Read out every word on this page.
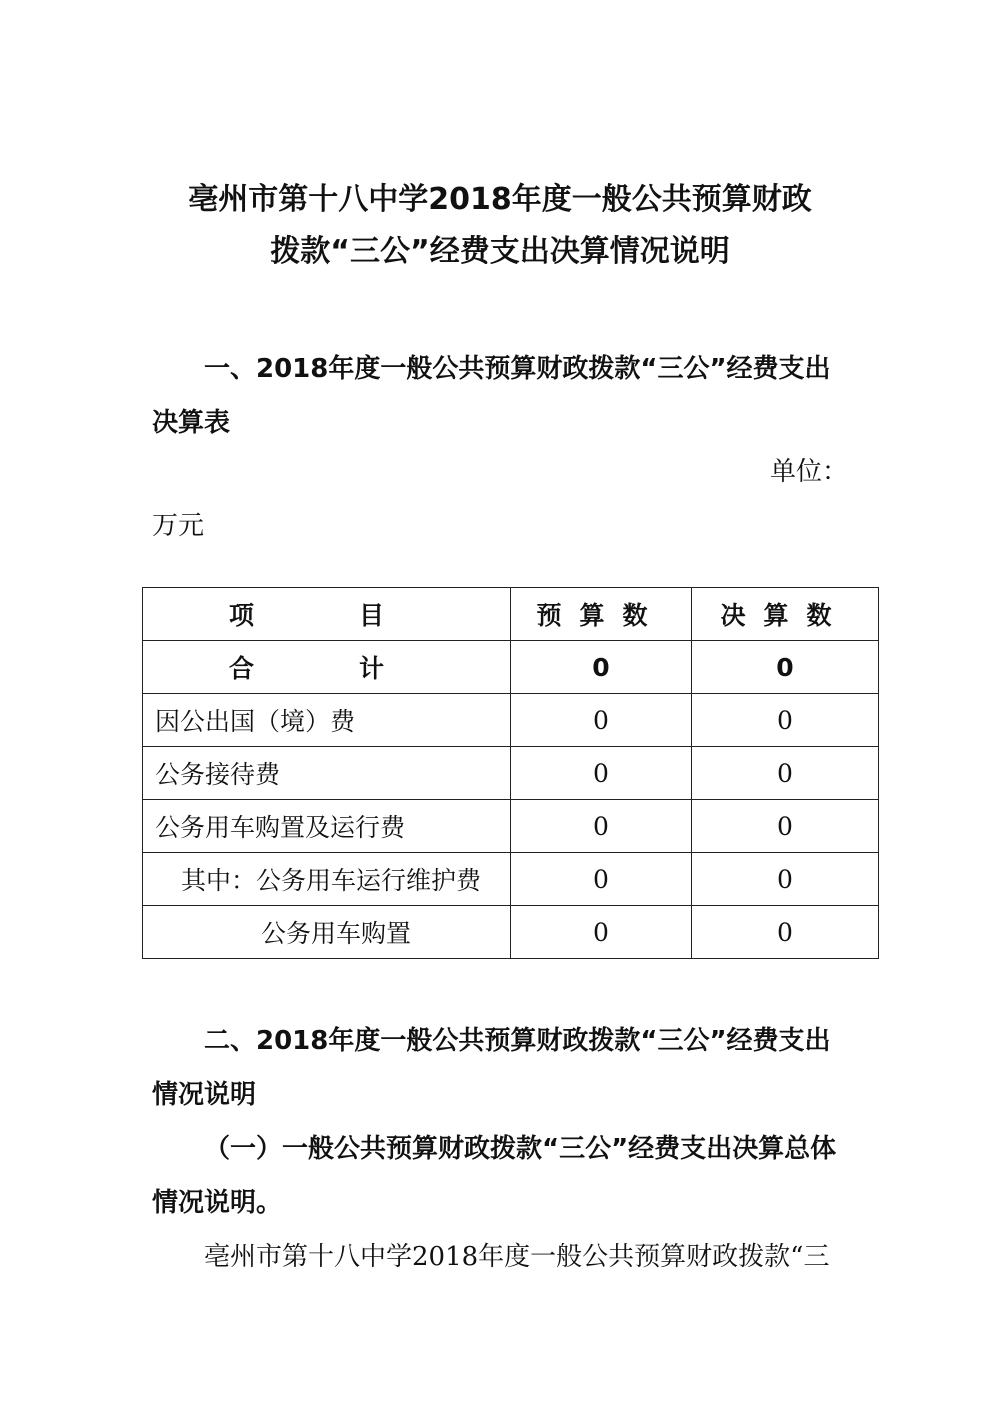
亳州市第十八中学2018年度一般公共预算财政
拨款“三公”经费支出决算情况说明

一、2018年度一般公共预算财政拨款“三公”经费支出决算表

单位：
万元
项　目	预算数	决算数
合　计	0	0
因公出国（境）费	0	0
公务接待费	0	0
公务用车购置及运行费	0	0
其中：公务用车运行维护费	0	0
公务用车购置	0	0

二、2018年度一般公共预算财政拨款“三公”经费支出情况说明

（一）一般公共预算财政拨款“三公”经费支出决算总体情况说明。

亳州市第十八中学2018年度一般公共预算财政拨款“三
